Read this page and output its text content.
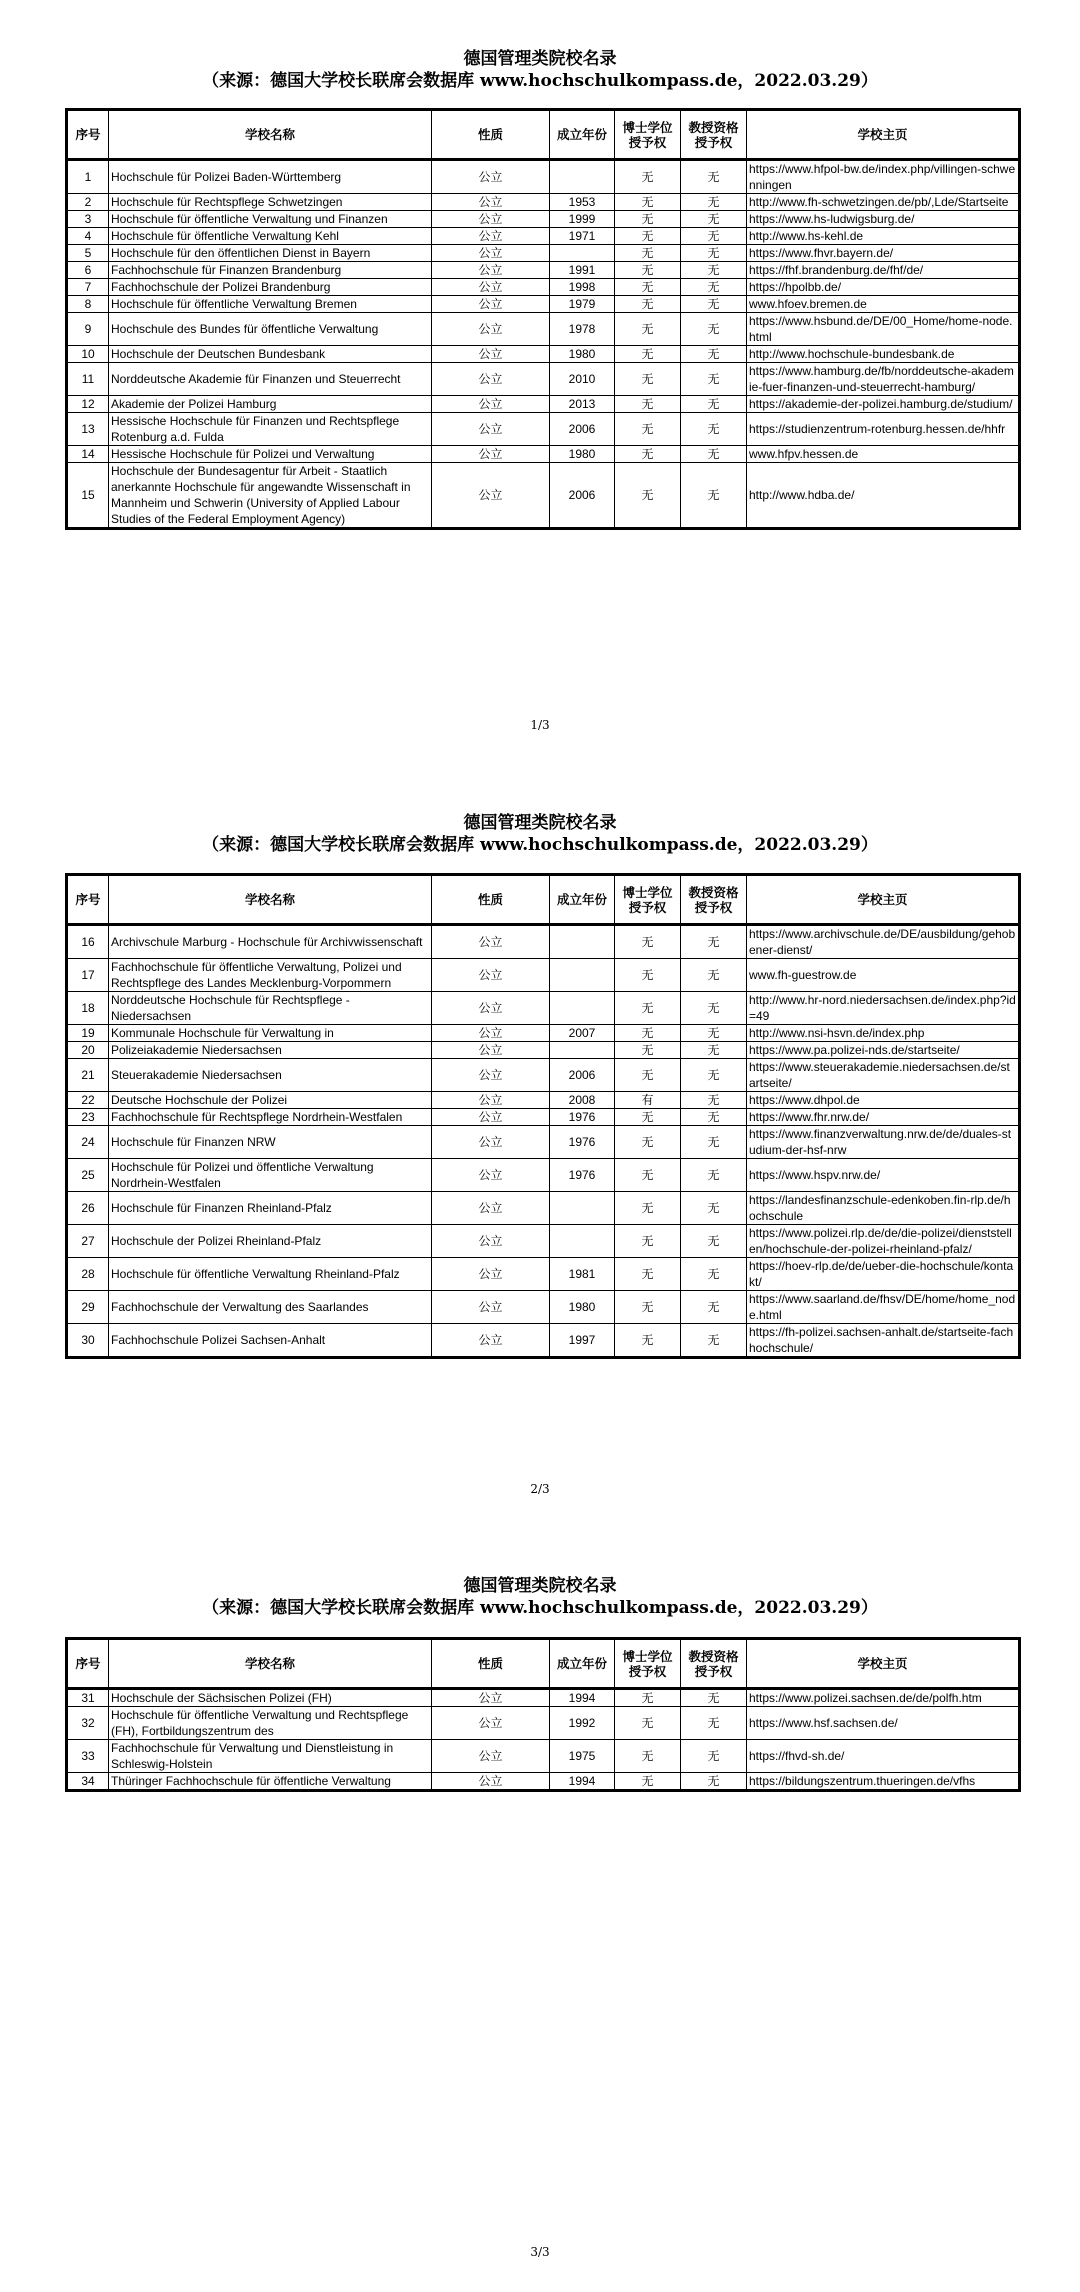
德国管理类院校名录
（来源：德国大学校长联席会数据库 www.hochschulkompass.de，2022.03.29）
序号	学校名称	性质	成立年份	博士学位授予权	教授资格授予权	学校主页
1	Hochschule für Polizei Baden-Württemberg	公立		无	无	https://www.hfpol-bw.de/index.php/villingen-schwenningen
2	Hochschule für Rechtspflege Schwetzingen	公立	1953	无	无	http://www.fh-schwetzingen.de/pb/,Lde/Startseite
3	Hochschule für öffentliche Verwaltung und Finanzen	公立	1999	无	无	https://www.hs-ludwigsburg.de/
4	Hochschule für öffentliche Verwaltung Kehl	公立	1971	无	无	http://www.hs-kehl.de
5	Hochschule für den öffentlichen Dienst in Bayern	公立		无	无	https://www.fhvr.bayern.de/
6	Fachhochschule für Finanzen Brandenburg	公立	1991	无	无	https://fhf.brandenburg.de/fhf/de/
7	Fachhochschule der Polizei Brandenburg	公立	1998	无	无	https://hpolbb.de/
8	Hochschule für öffentliche Verwaltung Bremen	公立	1979	无	无	www.hfoev.bremen.de
9	Hochschule des Bundes für öffentliche Verwaltung	公立	1978	无	无	https://www.hsbund.de/DE/00_Home/home-node.html
10	Hochschule der Deutschen Bundesbank	公立	1980	无	无	http://www.hochschule-bundesbank.de
11	Norddeutsche Akademie für Finanzen und Steuerrecht	公立	2010	无	无	https://www.hamburg.de/fb/norddeutsche-akademie-fuer-finanzen-und-steuerrecht-hamburg/
12	Akademie der Polizei Hamburg	公立	2013	无	无	https://akademie-der-polizei.hamburg.de/studium/
13	Hessische Hochschule für Finanzen und Rechtspflege Rotenburg a.d. Fulda	公立	2006	无	无	https://studienzentrum-rotenburg.hessen.de/hhfr
14	Hessische Hochschule für Polizei und Verwaltung	公立	1980	无	无	www.hfpv.hessen.de
15	Hochschule der Bundesagentur für Arbeit - Staatlich anerkannte Hochschule für angewandte Wissenschaft in Mannheim und Schwerin (University of Applied Labour Studies of the Federal Employment Agency)	公立	2006	无	无	http://www.hdba.de/
1/3
德国管理类院校名录
（来源：德国大学校长联席会数据库 www.hochschulkompass.de，2022.03.29）
序号	学校名称	性质	成立年份	博士学位授予权	教授资格授予权	学校主页
16	Archivschule Marburg - Hochschule für Archivwissenschaft	公立		无	无	https://www.archivschule.de/DE/ausbildung/gehobener-dienst/
17	Fachhochschule für öffentliche Verwaltung, Polizei und Rechtspflege des Landes Mecklenburg-Vorpommern	公立		无	无	www.fh-guestrow.de
18	Norddeutsche Hochschule für Rechtspflege - Niedersachsen	公立		无	无	http://www.hr-nord.niedersachsen.de/index.php?id=49
19	Kommunale Hochschule für Verwaltung in	公立	2007	无	无	http://www.nsi-hsvn.de/index.php
20	Polizeiakademie Niedersachsen	公立		无	无	https://www.pa.polizei-nds.de/startseite/
21	Steuerakademie Niedersachsen	公立	2006	无	无	https://www.steuerakademie.niedersachsen.de/startseite/
22	Deutsche Hochschule der Polizei	公立	2008	有	无	https://www.dhpol.de
23	Fachhochschule für Rechtspflege Nordrhein-Westfalen	公立	1976	无	无	https://www.fhr.nrw.de/
24	Hochschule für Finanzen NRW	公立	1976	无	无	https://www.finanzverwaltung.nrw.de/de/duales-studium-der-hsf-nrw
25	Hochschule für Polizei und öffentliche Verwaltung Nordrhein-Westfalen	公立	1976	无	无	https://www.hspv.nrw.de/
26	Hochschule für Finanzen Rheinland-Pfalz	公立		无	无	https://landesfinanzschule-edenkoben.fin-rlp.de/hochschule
27	Hochschule der Polizei Rheinland-Pfalz	公立		无	无	https://www.polizei.rlp.de/de/die-polizei/dienststellen/hochschule-der-polizei-rheinland-pfalz/
28	Hochschule für öffentliche Verwaltung Rheinland-Pfalz	公立	1981	无	无	https://hoev-rlp.de/de/ueber-die-hochschule/kontakt/
29	Fachhochschule der Verwaltung des Saarlandes	公立	1980	无	无	https://www.saarland.de/fhsv/DE/home/home_node.html
30	Fachhochschule Polizei Sachsen-Anhalt	公立	1997	无	无	https://fh-polizei.sachsen-anhalt.de/startseite-fachhochschule/
2/3
德国管理类院校名录
（来源：德国大学校长联席会数据库 www.hochschulkompass.de，2022.03.29）
序号	学校名称	性质	成立年份	博士学位授予权	教授资格授予权	学校主页
31	Hochschule der Sächsischen Polizei (FH)	公立	1994	无	无	https://www.polizei.sachsen.de/de/polfh.htm
32	Hochschule für öffentliche Verwaltung und Rechtspflege (FH), Fortbildungszentrum des	公立	1992	无	无	https://www.hsf.sachsen.de/
33	Fachhochschule für Verwaltung und Dienstleistung in Schleswig-Holstein	公立	1975	无	无	https://fhvd-sh.de/
34	Thüringer Fachhochschule für öffentliche Verwaltung	公立	1994	无	无	https://bildungszentrum.thueringen.de/vfhs
3/3
